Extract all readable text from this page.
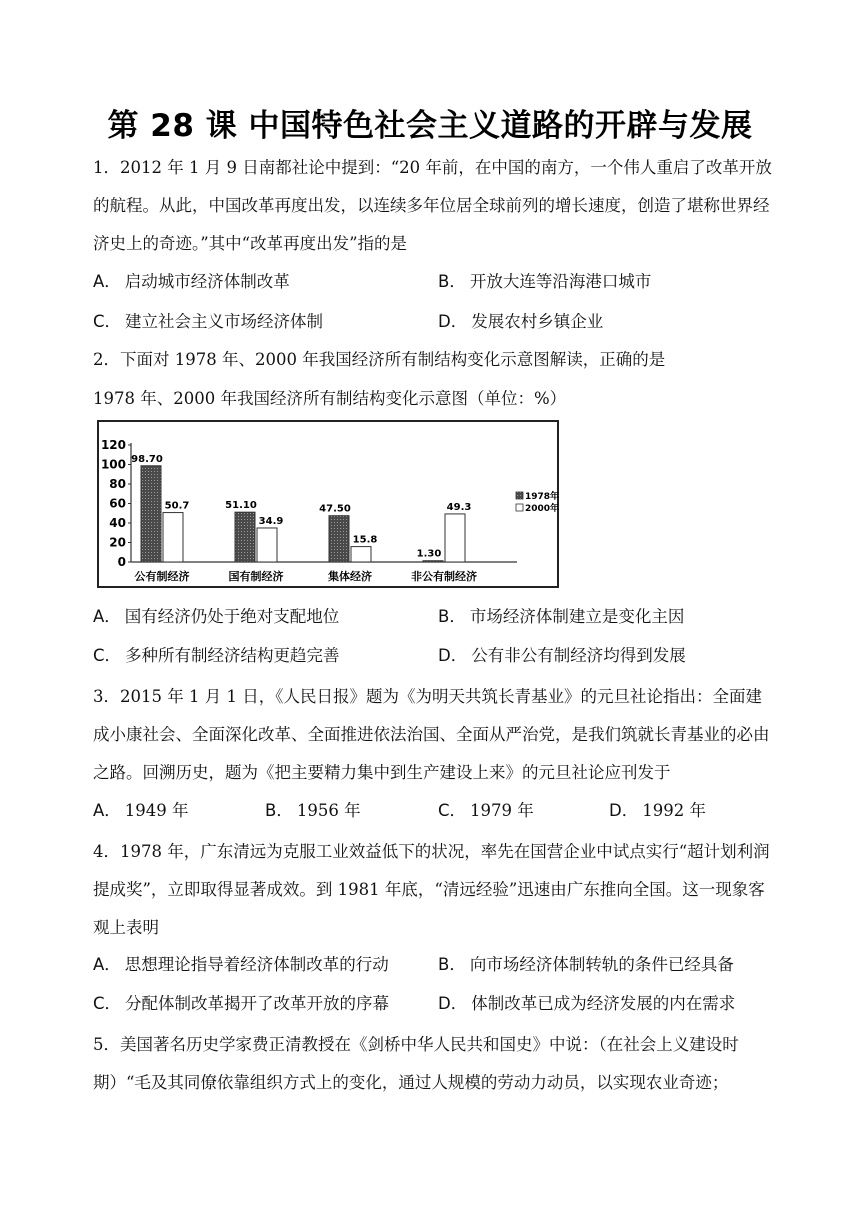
第 28 课 中国特色社会主义道路的开辟与发展
1．2012 年 1 月 9 日南都社论中提到：“20 年前，在中国的南方，一个伟人重启了改革开放的航程。从此，中国改革再度出发，以连续多年位居全球前列的增长速度，创造了堪称世界经济史上的奇迹。”其中“改革再度出发”指的是
A． 启动城市经济体制改革	B． 开放大连等沿海港口城市
C． 建立社会主义市场经济体制	D． 发展农村乡镇企业
2．下面对 1978 年、2000 年我国经济所有制结构变化示意图解读，正确的是
1978 年、2000 年我国经济所有制结构变化示意图（单位：%）
120
100
80
60
40
20
0
98.70
50.7
公有制经济
51.10
34.9
国有制经济
47.50
15.8
集体经济
1.30
49.3
非公有制经济
1978年
2000年
A． 国有经济仍处于绝对支配地位	B． 市场经济体制建立是变化主因
C． 多种所有制经济结构更趋完善	D． 公有非公有制经济均得到发展
3．2015 年 1 月 1 日，《人民日报》题为《为明天共筑长青基业》的元旦社论指出：全面建成小康社会、全面深化改革、全面推进依法治国、全面从严治党，是我们筑就长青基业的必由之路。回溯历史，题为《把主要精力集中到生产建设上来》的元旦社论应刊发于
A． 1949 年	B． 1956 年	C． 1979 年	D． 1992 年
4．1978 年，广东清远为克服工业效益低下的状况，率先在国营企业中试点实行“超计划利润提成奖”，立即取得显著成效。到 1981 年底，“清远经验”迅速由广东推向全国。这一现象客观上表明
A． 思想理论指导着经济体制改革的行动	B． 向市场经济体制转轨的条件已经具备
C． 分配体制改革揭开了改革开放的序幕	D． 体制改革已成为经济发展的内在需求
5．美国著名历史学家费正清教授在《剑桥中华人民共和国史》中说：（在社会上义建设时期）“毛及其同僚依靠组织方式上的变化，通过人规模的劳动力动员，以实现农业奇迹；
